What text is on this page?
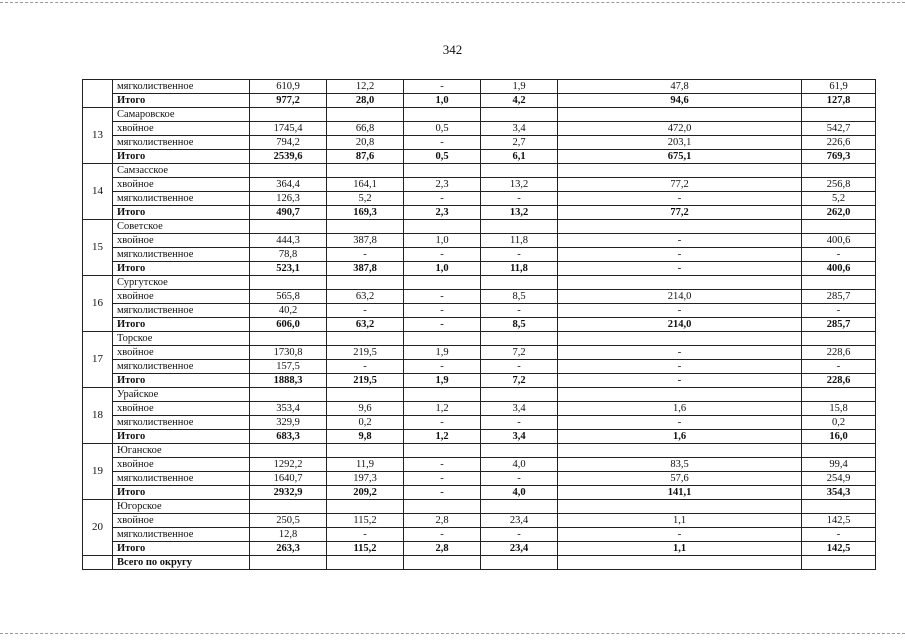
342
	мягколиственное	610,9	12,2	-	1,9	47,8	61,9
	Итого	977,2	28,0	1,0	4,2	94,6	127,8
13	Самаровское						
	хвойное	1745,4	66,8	0,5	3,4	472,0	542,7
	мягколиственное	794,2	20,8	-	2,7	203,1	226,6
	Итого	2539,6	87,6	0,5	6,1	675,1	769,3
14	Самзасское						
	хвойное	364,4	164,1	2,3	13,2	77,2	256,8
	мягколиственное	126,3	5,2	-	-	-	5,2
	Итого	490,7	169,3	2,3	13,2	77,2	262,0
15	Советское						
	хвойное	444,3	387,8	1,0	11,8	-	400,6
	мягколиственное	78,8	-	-	-	-	-
	Итого	523,1	387,8	1,0	11,8	-	400,6
16	Сургутское						
	хвойное	565,8	63,2	-	8,5	214,0	285,7
	мягколиственное	40,2	-	-	-	-	-
	Итого	606,0	63,2	-	8,5	214,0	285,7
17	Торское						
	хвойное	1730,8	219,5	1,9	7,2	-	228,6
	мягколиственное	157,5	-	-	-	-	-
	Итого	1888,3	219,5	1,9	7,2	-	228,6
18	Урайское						
	хвойное	353,4	9,6	1,2	3,4	1,6	15,8
	мягколиственное	329,9	0,2	-	-	-	0,2
	Итого	683,3	9,8	1,2	3,4	1,6	16,0
19	Юганское						
	хвойное	1292,2	11,9	-	4,0	83,5	99,4
	мягколиственное	1640,7	197,3	-	-	57,6	254,9
	Итого	2932,9	209,2	-	4,0	141,1	354,3
20	Югорское						
	хвойное	250,5	115,2	2,8	23,4	1,1	142,5
	мягколиственное	12,8	-	-	-	-	-
	Итого	263,3	115,2	2,8	23,4	1,1	142,5
	Всего по округу						
